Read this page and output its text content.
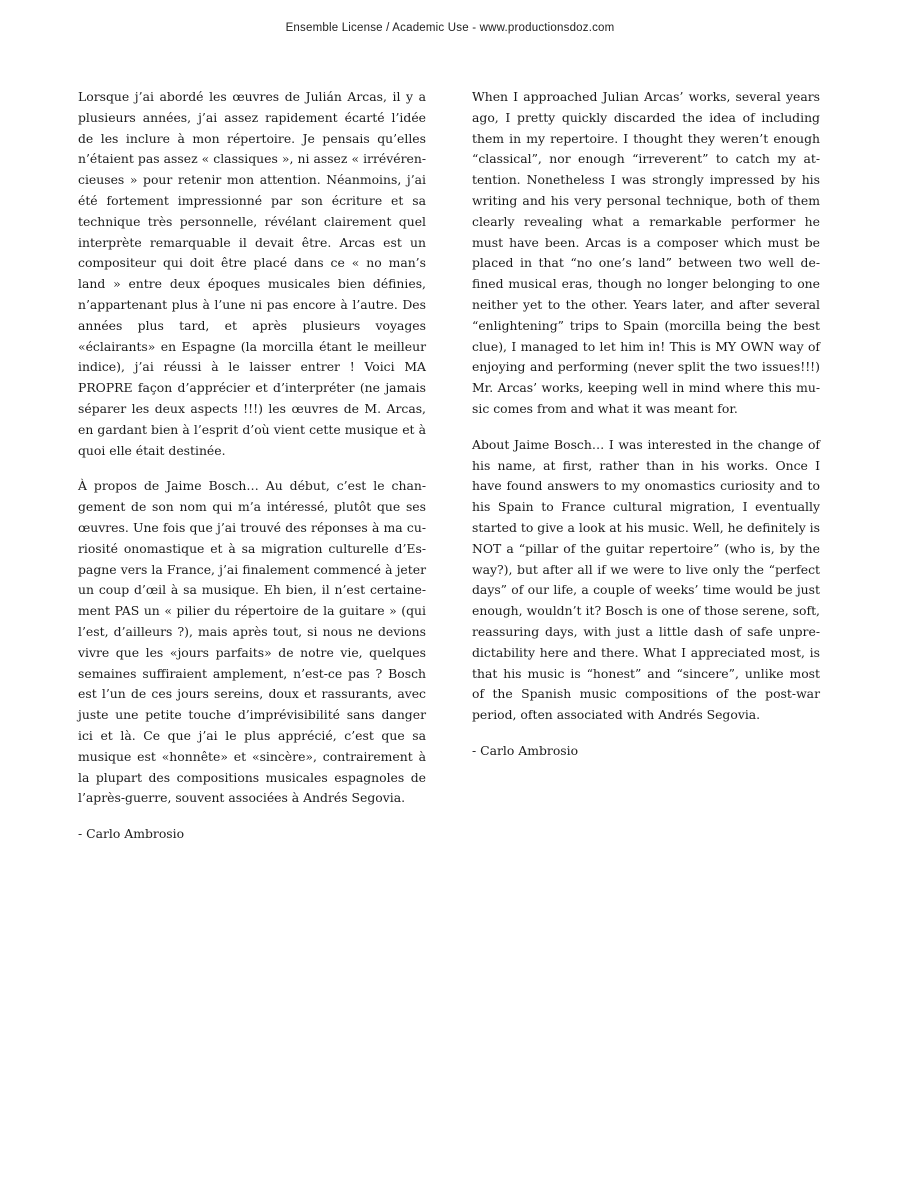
Ensemble License / Academic Use - www.productionsdoz.com

Lorsque j’ai abordé les œuvres de Julián Arcas, il y a plusieurs années, j’ai assez rapidement écarté l’idée de les inclure à mon répertoire. Je pensais qu’elles n’étaient pas assez « classiques », ni assez « irrévérencieuses » pour retenir mon attention. Néanmoins, j’ai été fortement impressionné par son écriture et sa technique très personnelle, révélant clairement quel interprète remarquable il devait être. Arcas est un compositeur qui doit être placé dans ce « no man’s land » entre deux époques musicales bien définies, n’appartenant plus à l’une ni pas encore à l’autre. Des années plus tard, et après plusieurs voyages «éclairants» en Espagne (la morcilla étant le meilleur indice), j’ai réussi à le laisser entrer ! Voici MA PROPRE façon d’apprécier et d’interpréter (ne jamais séparer les deux aspects !!!) les œuvres de M. Arcas, en gardant bien à l’esprit d’où vient cette musique et à quoi elle était destinée.

À propos de Jaime Bosch… Au début, c’est le changement de son nom qui m’a intéressé, plutôt que ses œuvres. Une fois que j’ai trouvé des réponses à ma curiosité onomastique et à sa migration culturelle d’Espagne vers la France, j’ai finalement commencé à jeter un coup d’œil à sa musique. Eh bien, il n’est certainement PAS un « pilier du répertoire de la guitare » (qui l’est, d’ailleurs ?), mais après tout, si nous ne devions vivre que les «jours parfaits» de notre vie, quelques semaines suffiraient amplement, n’est-ce pas ? Bosch est l’un de ces jours sereins, doux et rassurants, avec juste une petite touche d’imprévisibilité sans danger ici et là. Ce que j’ai le plus apprécié, c’est que sa musique est «honnête» et «sincère», contrairement à la plupart des compositions musicales espagnoles de l’après-guerre, souvent associées à Andrés Segovia.

- Carlo Ambrosio

When I approached Julian Arcas’ works, several years ago, I pretty quickly discarded the idea of including them in my repertoire. I thought they weren’t enough “classical”, nor enough “irreverent” to catch my attention. Nonetheless I was strongly impressed by his writing and his very personal technique, both of them clearly revealing what a remarkable performer he must have been. Arcas is a composer which must be placed in that “no one’s land” between two well defined musical eras, though no longer belonging to one neither yet to the other. Years later, and after several “enlightening” trips to Spain (morcilla being the best clue), I managed to let him in! This is MY OWN way of enjoying and performing (never split the two issues!!!) Mr. Arcas’ works, keeping well in mind where this music comes from and what it was meant for.

About Jaime Bosch… I was interested in the change of his name, at first, rather than in his works. Once I have found answers to my onomastics curiosity and to his Spain to France cultural migration, I eventually started to give a look at his music. Well, he definitely is NOT a “pillar of the guitar repertoire” (who is, by the way?), but after all if we were to live only the “perfect days” of our life, a couple of weeks’ time would be just enough, wouldn’t it? Bosch is one of those serene, soft, reassuring days, with just a little dash of safe unpredictability here and there. What I appreciated most, is that his music is “honest” and “sincere”, unlike most of the Spanish music compositions of the post-war period, often associated with Andrés Segovia.

- Carlo Ambrosio
